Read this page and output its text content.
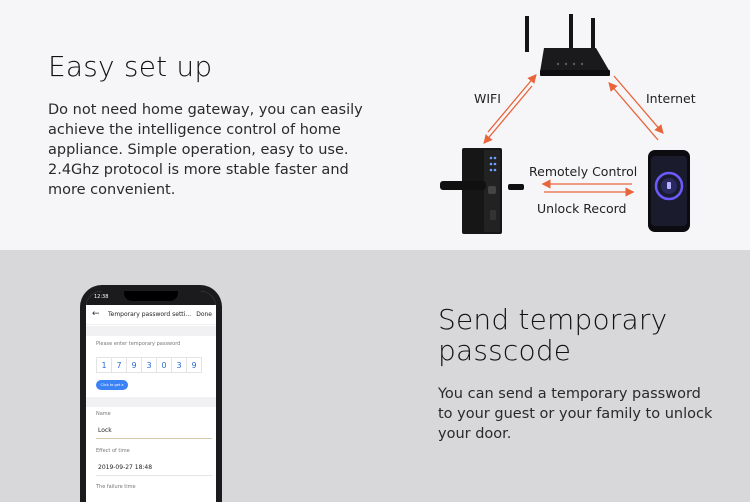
Easy set up
Do not need home gateway, you can easily
achieve the intelligence control of home
appliance. Simple operation, easy to use.
2.4Ghz protocol is more stable faster and
more convenient.
WIFI	Internet
Remotely Control
Unlock Record
12:38
← Temporary password setti... Done
Please enter temporary password
1	7	9	3	0	3	9
Click to get a ran...
Name
Lock
Effect of time
2019-09-27 18:48
The failure time
Send temporary
passcode
You can send a temporary password
to your guest or your family to unlock
your door.
